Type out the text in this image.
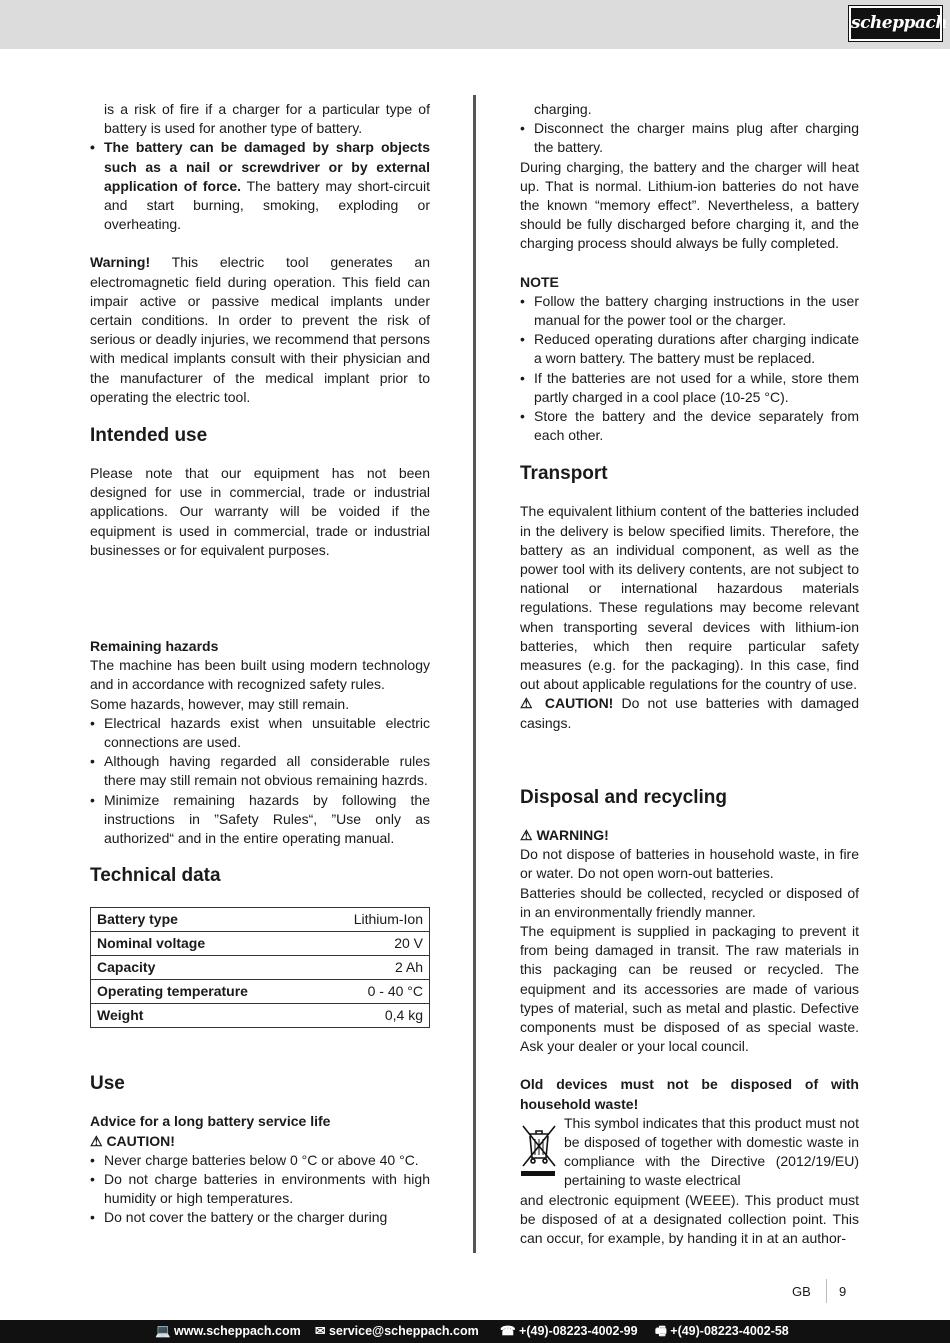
scheppach

is a risk of fire if a charger for a particular type of battery is used for another type of battery.

• The battery can be damaged by sharp objects such as a nail or screwdriver or by external application of force. The battery may short-circuit and start burning, smoking, exploding or overheating.

Warning! This electric tool generates an electromagnetic field during operation. This field can impair active or passive medical implants under certain conditions. In order to prevent the risk of serious or deadly injuries, we recommend that persons with medical implants consult with their physician and the manufacturer of the medical implant prior to operating the electric tool.

Intended use

Please note that our equipment has not been designed for use in commercial, trade or industrial applications. Our warranty will be voided if the equipment is used in commercial, trade or industrial businesses or for equivalent purposes.

Remaining hazards

The machine has been built using modern technology and in accordance with recognized safety rules.

Some hazards, however, may still remain.

• Electrical hazards exist when unsuitable electric connections are used.
• Although having regarded all considerable rules there may still remain not obvious remaining hazrds.
• Minimize remaining hazards by following the instructions in ”Safety Rules“, ”Use only as authorized“ and in the entire operating manual.
Technical data
Battery type	Lithium-Ion
Nominal voltage	20 V
Capacity	2 Ah
Operating temperature	0 - 40 °C
Weight	0,4 kg
Use

Advice for a long battery service life

⚠ CAUTION!

• Never charge batteries below 0 °C or above 40 °C.
• Do not charge batteries in environments with high humidity or high temperatures.
• Do not cover the battery or the charger during

charging.

• Disconnect the charger mains plug after charging the battery.

During charging, the battery and the charger will heat up. That is normal. Lithium-ion batteries do not have the known “memory effect”. Nevertheless, a battery should be fully discharged before charging it, and the charging process should always be fully completed.

NOTE

• Follow the battery charging instructions in the user manual for the power tool or the charger.
• Reduced operating durations after charging indicate a worn battery. The battery must be replaced.
• If the batteries are not used for a while, store them partly charged in a cool place (10-25 °C).
• Store the battery and the device separately from each other.
Transport

The equivalent lithium content of the batteries included in the delivery is below specified limits. Therefore, the battery as an individual component, as well as the power tool with its delivery contents, are not subject to national or international hazardous materials regulations. These regulations may become relevant when transporting several devices with lithium-ion batteries, which then require particular safety measures (e.g. for the packaging). In this case, find out about applicable regulations for the country of use.

⚠ CAUTION! Do not use batteries with damaged casings.

Disposal and recycling

⚠ WARNING!

Do not dispose of batteries in household waste, in fire or water. Do not open worn-out batteries.

Batteries should be collected, recycled or disposed of in an environmentally friendly manner.

The equipment is supplied in packaging to prevent it from being damaged in transit. The raw materials in this packaging can be reused or recycled. The equipment and its accessories are made of various types of material, such as metal and plastic. Defective components must be disposed of as special waste. Ask your dealer or your local council.

Old devices must not be disposed of with household waste!

This symbol indicates that this product must not be disposed of together with domestic waste in compliance with the Directive (2012/19/EU) pertaining to waste electrical

and electronic equipment (WEEE). This product must be disposed of at a designated collection point. This can occur, for example, by handing it in at an author-

GB 9
💻 www.scheppach.com ✉ service@scheppach.com ☎ +(49)-08223-4002-99 🖷 +(49)-08223-4002-58
